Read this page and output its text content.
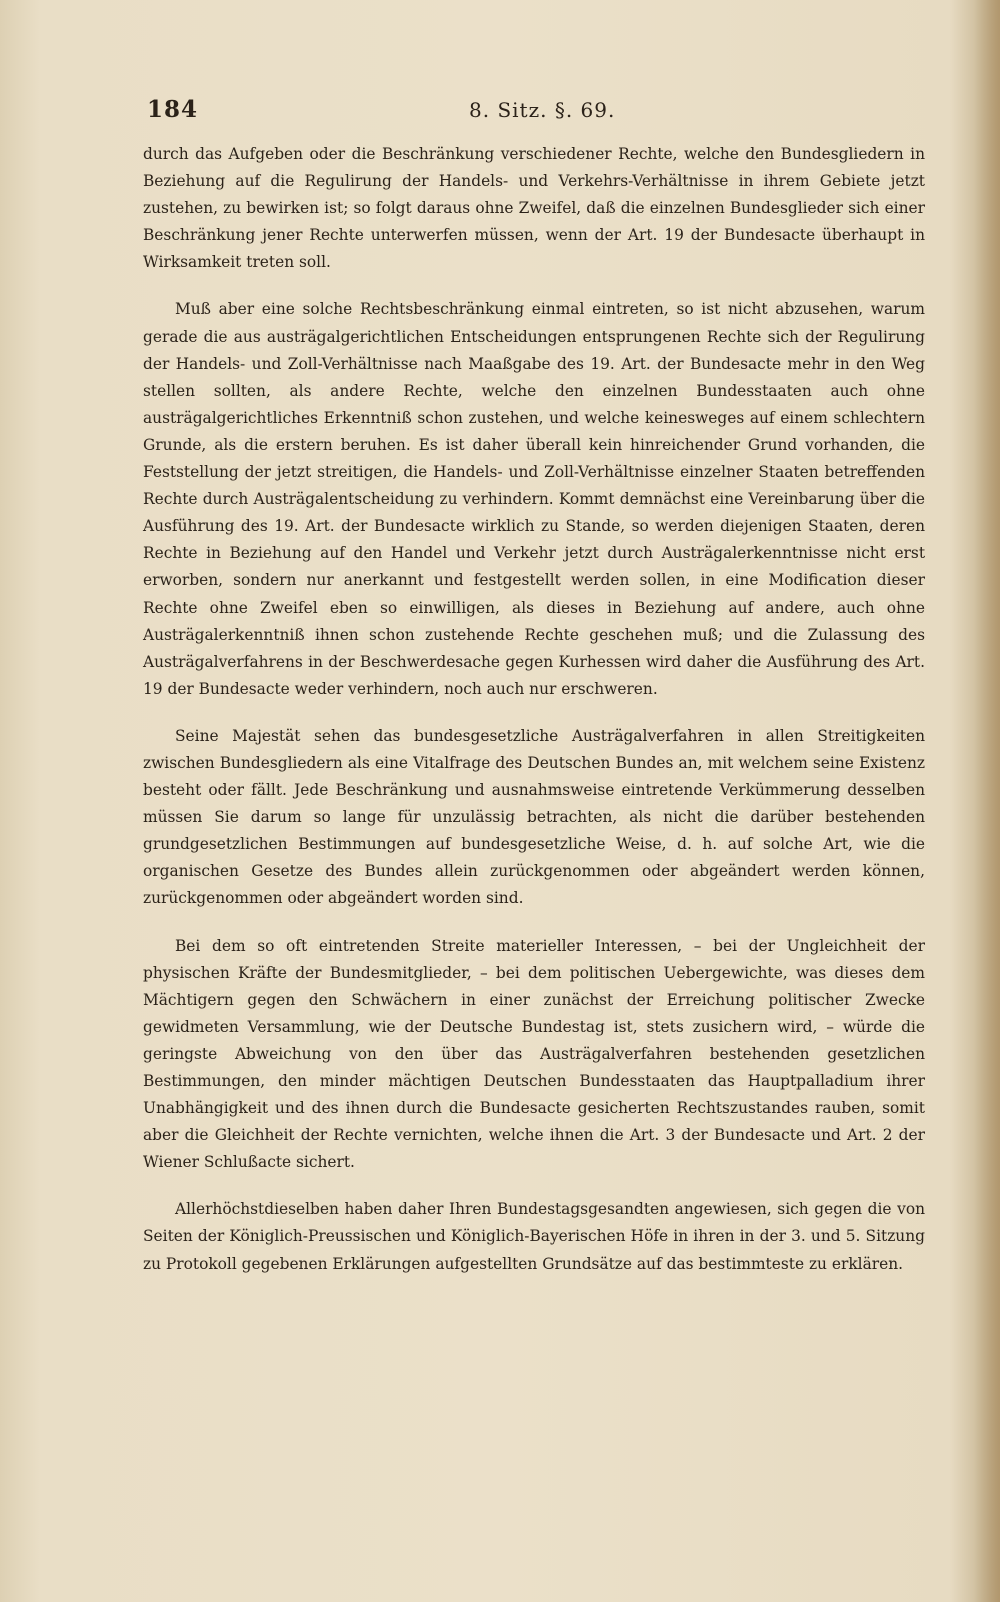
184	8. Sitz. §. 69.

durch das Aufgeben oder die Beschränkung verschiedener Rechte, welche den Bundesgliedern in Beziehung auf die Regulirung der Handels- und Verkehrs-Verhältnisse in ihrem Gebiete jetzt zustehen, zu bewirken ist; so folgt daraus ohne Zweifel, daß die einzelnen Bundesglieder sich einer Beschränkung jener Rechte unterwerfen müssen, wenn der Art. 19 der Bundesacte überhaupt in Wirksamkeit treten soll.

Muß aber eine solche Rechtsbeschränkung einmal eintreten, so ist nicht abzusehen, warum gerade die aus austrägalgerichtlichen Entscheidungen entsprungenen Rechte sich der Regulirung der Handels- und Zoll-Verhältnisse nach Maaßgabe des 19. Art. der Bundesacte mehr in den Weg stellen sollten, als andere Rechte, welche den einzelnen Bundesstaaten auch ohne austrägalgerichtliches Erkenntniß schon zustehen, und welche keinesweges auf einem schlechtern Grunde, als die erstern beruhen. Es ist daher überall kein hinreichender Grund vorhanden, die Feststellung der jetzt streitigen, die Handels- und Zoll-Verhältnisse einzelner Staaten betreffenden Rechte durch Austrägalentscheidung zu verhindern. Kommt demnächst eine Vereinbarung über die Ausführung des 19. Art. der Bundesacte wirklich zu Stande, so werden diejenigen Staaten, deren Rechte in Beziehung auf den Handel und Verkehr jetzt durch Austrägalerkenntnisse nicht erst erworben, sondern nur anerkannt und festgestellt werden sollen, in eine Modification dieser Rechte ohne Zweifel eben so einwilligen, als dieses in Beziehung auf andere, auch ohne Austrägalerkenntniß ihnen schon zustehende Rechte geschehen muß; und die Zulassung des Austrägalverfahrens in der Beschwerdesache gegen Kurhessen wird daher die Ausführung des Art. 19 der Bundesacte weder verhindern, noch auch nur erschweren.

Seine Majestät sehen das bundesgesetzliche Austrägalverfahren in allen Streitigkeiten zwischen Bundesgliedern als eine Vitalfrage des Deutschen Bundes an, mit welchem seine Existenz besteht oder fällt. Jede Beschränkung und ausnahmsweise eintretende Verkümmerung desselben müssen Sie darum so lange für unzulässig betrachten, als nicht die darüber bestehenden grundgesetzlichen Bestimmungen auf bundesgesetzliche Weise, d. h. auf solche Art, wie die organischen Gesetze des Bundes allein zurückgenommen oder abgeändert werden können, zurückgenommen oder abgeändert worden sind.

Bei dem so oft eintretenden Streite materieller Interessen, – bei der Ungleichheit der physischen Kräfte der Bundesmitglieder, – bei dem politischen Uebergewichte, was dieses dem Mächtigern gegen den Schwächern in einer zunächst der Erreichung politischer Zwecke gewidmeten Versammlung, wie der Deutsche Bundestag ist, stets zusichern wird, – würde die geringste Abweichung von den über das Austrägalverfahren bestehenden gesetzlichen Bestimmungen, den minder mächtigen Deutschen Bundesstaaten das Hauptpalladium ihrer Unabhängigkeit und des ihnen durch die Bundesacte gesicherten Rechtszustandes rauben, somit aber die Gleichheit der Rechte vernichten, welche ihnen die Art. 3 der Bundesacte und Art. 2 der Wiener Schlußacte sichert.

Allerhöchstdieselben haben daher Ihren Bundestagsgesandten angewiesen, sich gegen die von Seiten der Königlich-Preussischen und Königlich-Bayerischen Höfe in ihren in der 3. und 5. Sitzung zu Protokoll gegebenen Erklärungen aufgestellten Grundsätze auf das bestimmteste zu erklären.
